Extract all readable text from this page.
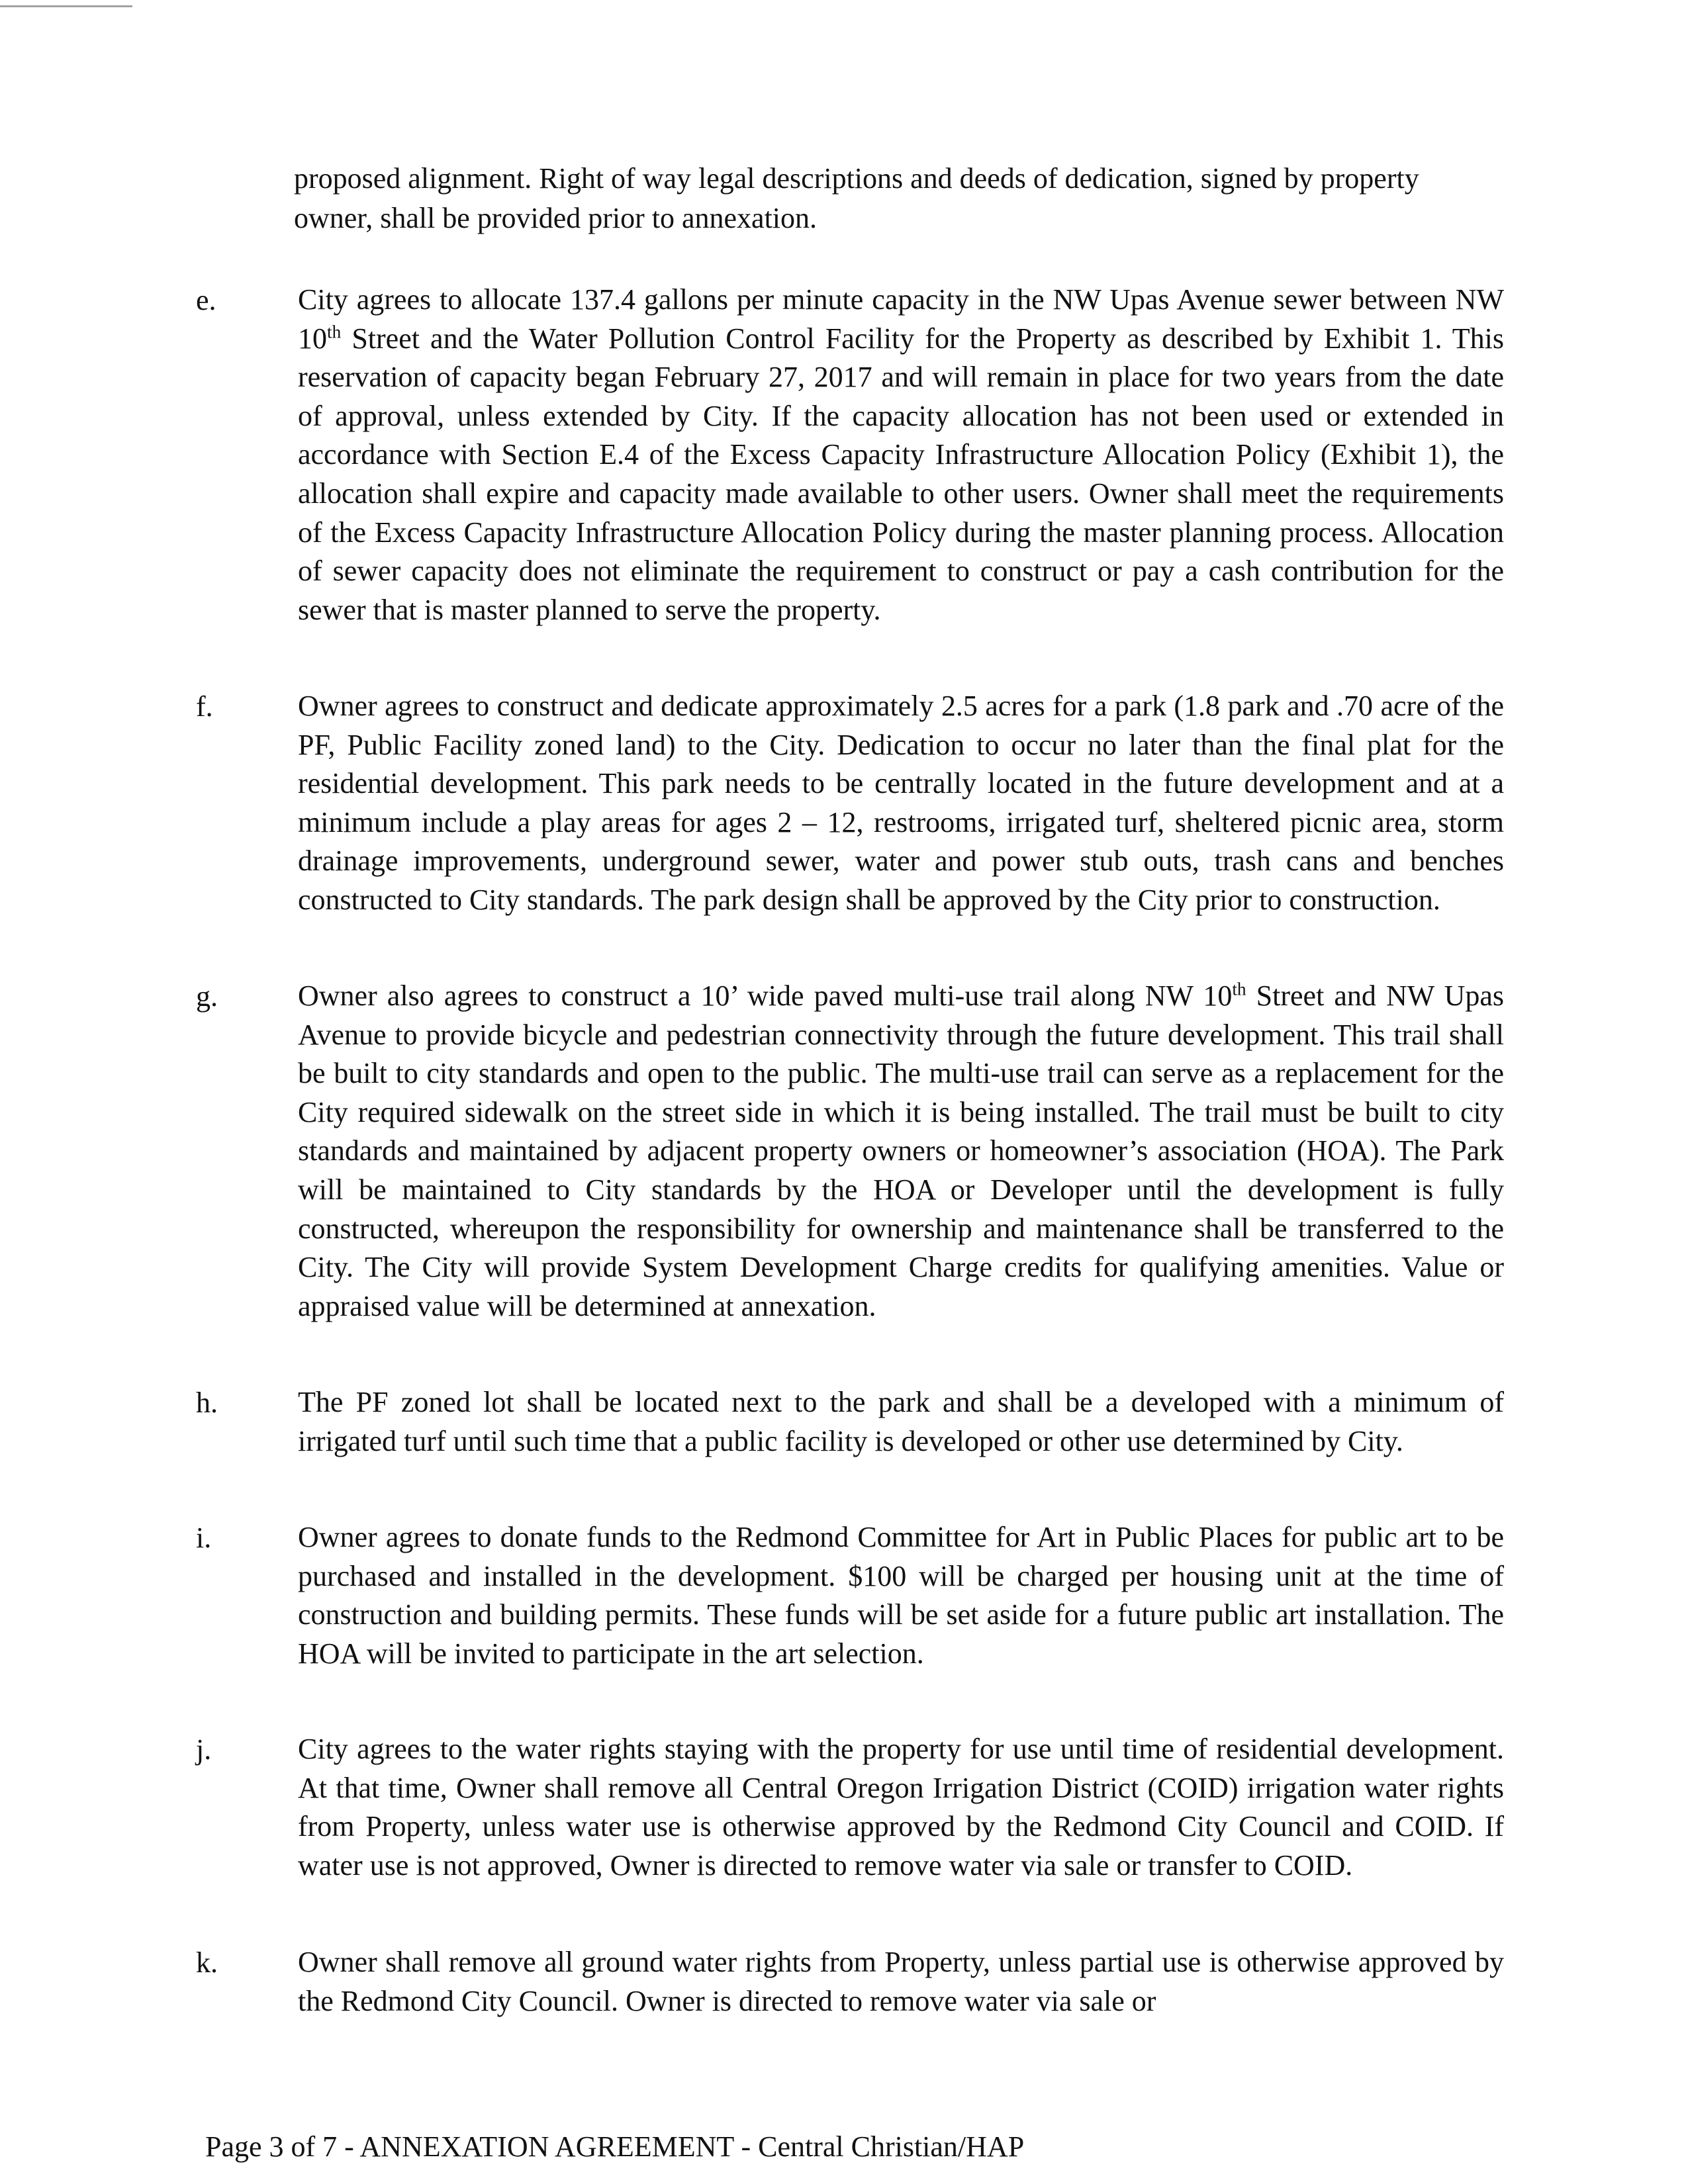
proposed alignment. Right of way legal descriptions and deeds of dedication, signed by property owner, shall be provided prior to annexation.

e.	City agrees to allocate 137.4 gallons per minute capacity in the NW Upas Avenue sewer between NW 10th Street and the Water Pollution Control Facility for the Property as described by Exhibit 1. This reservation of capacity began February 27, 2017 and will remain in place for two years from the date of approval, unless extended by City. If the capacity allocation has not been used or extended in accordance with Section E.4 of the Excess Capacity Infrastructure Allocation Policy (Exhibit 1), the allocation shall expire and capacity made available to other users. Owner shall meet the requirements of the Excess Capacity Infrastructure Allocation Policy during the master planning process. Allocation of sewer capacity does not eliminate the requirement to construct or pay a cash contribution for the sewer that is master planned to serve the property.

f.	Owner agrees to construct and dedicate approximately 2.5 acres for a park (1.8 park and .70 acre of the PF, Public Facility zoned land) to the City. Dedication to occur no later than the final plat for the residential development. This park needs to be centrally located in the future development and at a minimum include a play areas for ages 2 – 12, restrooms, irrigated turf, sheltered picnic area, storm drainage improvements, underground sewer, water and power stub outs, trash cans and benches constructed to City standards. The park design shall be approved by the City prior to construction.

g.	Owner also agrees to construct a 10’ wide paved multi-use trail along NW 10th Street and NW Upas Avenue to provide bicycle and pedestrian connectivity through the future development. This trail shall be built to city standards and open to the public. The multi-use trail can serve as a replacement for the City required sidewalk on the street side in which it is being installed. The trail must be built to city standards and maintained by adjacent property owners or homeowner’s association (HOA). The Park will be maintained to City standards by the HOA or Developer until the development is fully constructed, whereupon the responsibility for ownership and maintenance shall be transferred to the City. The City will provide System Development Charge credits for qualifying amenities. Value or appraised value will be determined at annexation.

h.	The PF zoned lot shall be located next to the park and shall be a developed with a minimum of irrigated turf until such time that a public facility is developed or other use determined by City.

i.	Owner agrees to donate funds to the Redmond Committee for Art in Public Places for public art to be purchased and installed in the development. $100 will be charged per housing unit at the time of construction and building permits. These funds will be set aside for a future public art installation. The HOA will be invited to participate in the art selection.

j.	City agrees to the water rights staying with the property for use until time of residential development. At that time, Owner shall remove all Central Oregon Irrigation District (COID) irrigation water rights from Property, unless water use is otherwise approved by the Redmond City Council and COID. If water use is not approved, Owner is directed to remove water via sale or transfer to COID.

k.	Owner shall remove all ground water rights from Property, unless partial use is otherwise approved by the Redmond City Council. Owner is directed to remove water via sale or

Page 3 of 7 - ANNEXATION AGREEMENT - Central Christian/HAP
